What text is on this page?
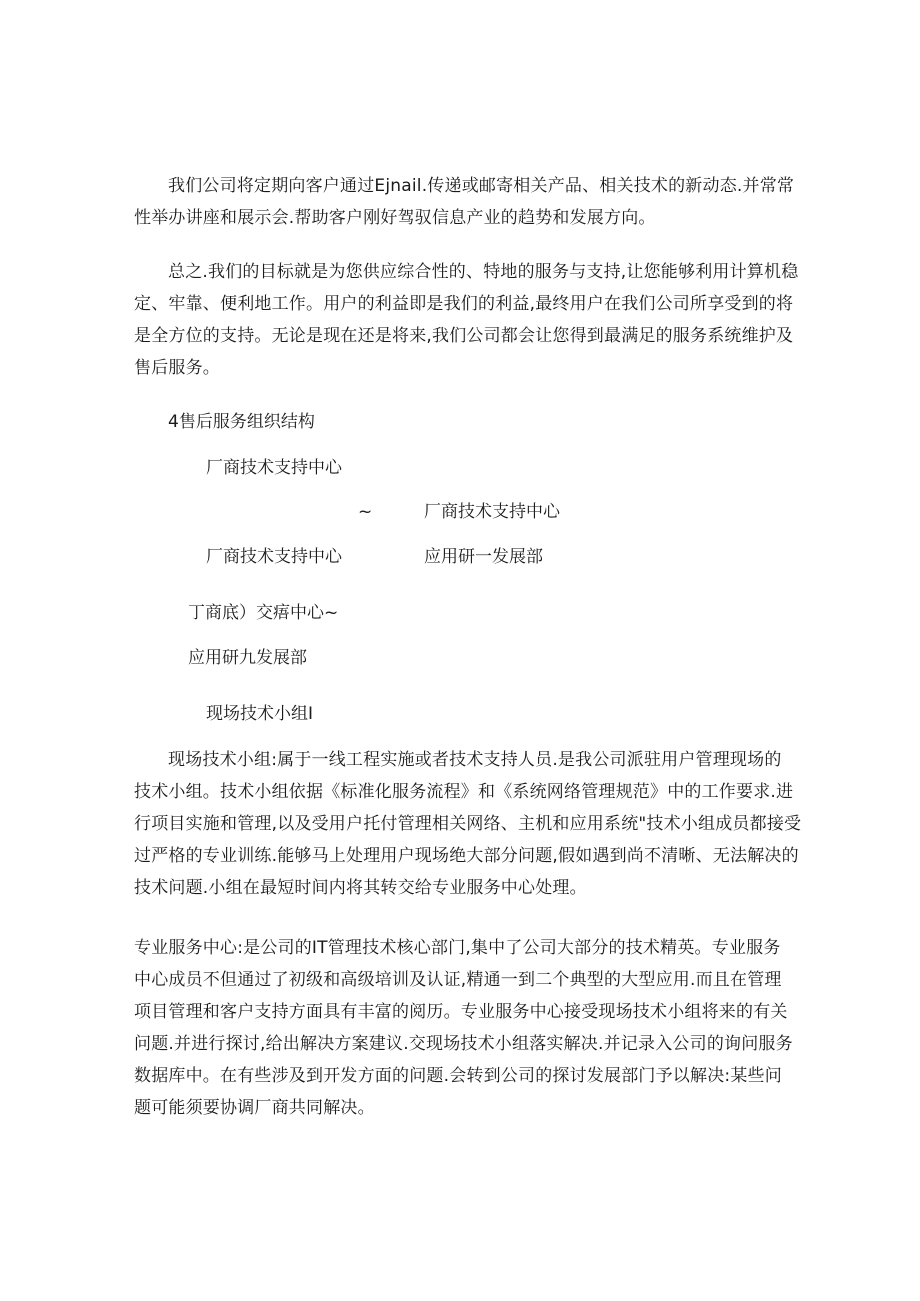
我们公司将定期向客户通过Ejnail.传递或邮寄相关产品、相关技术的新动态.并常常
性举办讲座和展示会.帮助客户刚好驾驭信息产业的趋势和发展方向。
总之.我们的目标就是为您供应综合性的、特地的服务与支持,让您能够利用计算机稳
定、牢靠、便利地工作。用户的利益即是我们的利益,最终用户在我们公司所享受到的将
是全方位的支持。无论是现在还是将来,我们公司都会让您得到最满足的服务系统维护及
售后服务。
4售后服务组织结构
厂商技术支持中心
~	厂商技术支持中心
厂商技术支持中心	应用研一发展部
丁商底）交痦中心~
应用研九发展部
现场技术小组I
现场技术小组:属于一线工程实施或者技术支持人员.是我公司派驻用户管理现场的
技术小组。技术小组依据《标准化服务流程》和《系统网络管理规范》中的工作要求.进
行项目实施和管理,以及受用户托付管理相关网络、主机和应用系统"技术小组成员都接受
过严格的专业训练.能够马上处理用户现场绝大部分问题,假如遇到尚不清晰、无法解决的
技术问题.小组在最短时间内将其转交给专业服务中心处理。
专业服务中心:是公司的IT管理技术核心部门,集中了公司大部分的技术精英。专业服务
中心成员不但通过了初级和高级培训及认证,精通一到二个典型的大型应用.而且在管理
项目管理和客户支持方面具有丰富的阅历。专业服务中心接受现场技术小组将来的有关
问题.并进行探讨,给出解决方案建议.交现场技术小组落实解决.并记录入公司的询问服务
数据库中。在有些涉及到开发方面的问题.会转到公司的探讨发展部门予以解决:某些问
题可能须要协调厂商共同解决。
